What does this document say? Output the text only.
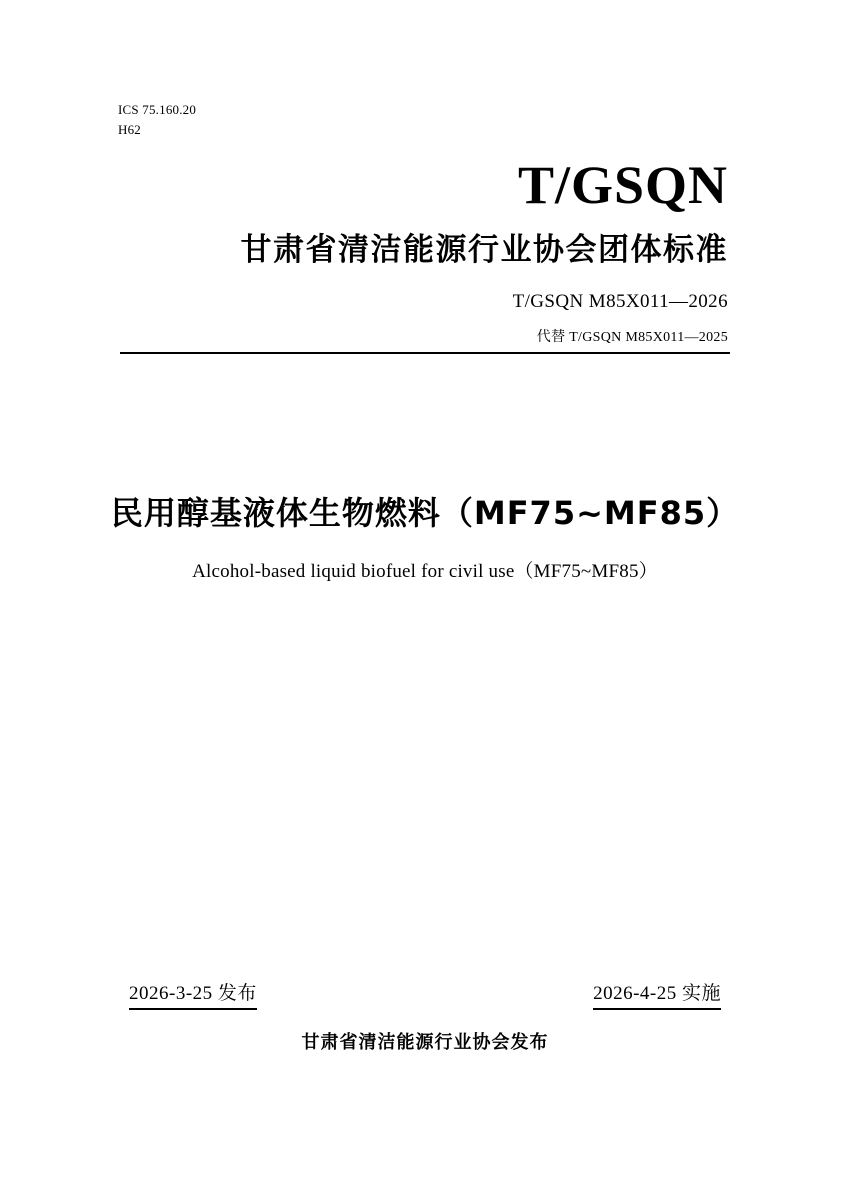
ICS 75.160.20
H62
T/GSQN
甘肃省清洁能源行业协会团体标准
T/GSQN M85X011—2026
代替 T/GSQN M85X011—2025
民用醇基液体生物燃料（MF75~MF85）
Alcohol-based liquid biofuel for civil use（MF75~MF85）
2026-3-25 发布	2026-4-25 实施
甘肃省清洁能源行业协会发布
